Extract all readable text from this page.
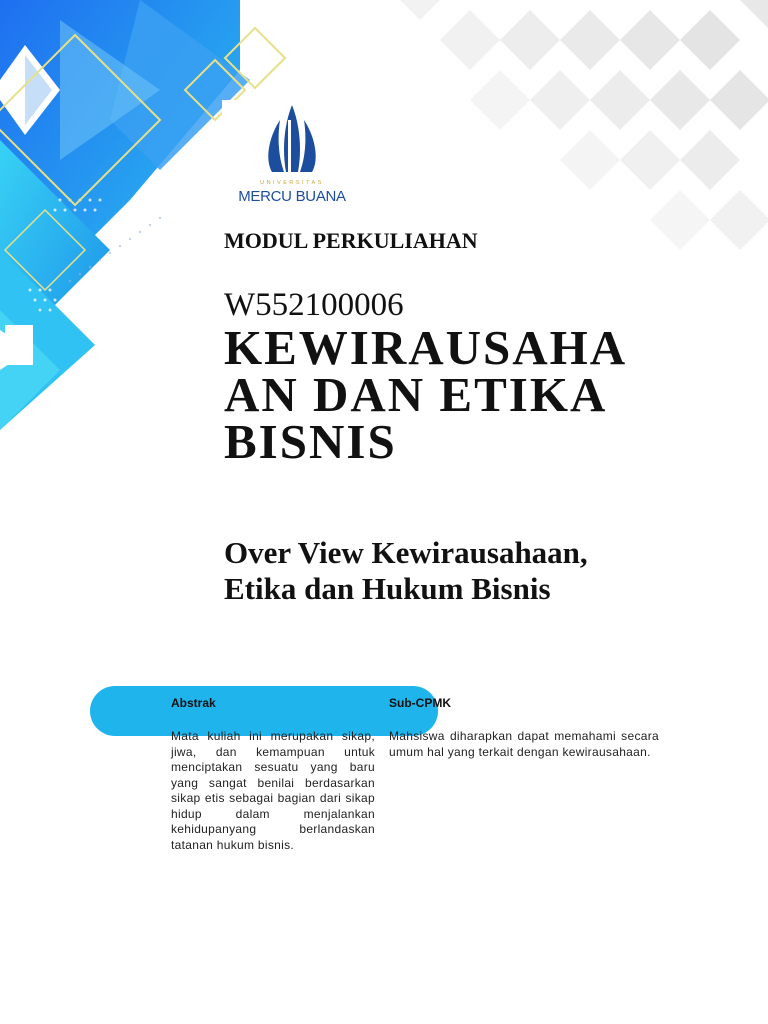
UNIVERSITAS
MERCU BUANA
MODUL PERKULIAHAN
W552100006
KEWIRAUSAHA
AN DAN ETIKA
BISNIS
Over View Kewirausahaan,
Etika dan Hukum Bisnis
Abstrak	Sub-CPMK
Mata kuliah ini merupakan sikap, jiwa, dan kemampuan untuk menciptakan sesuatu yang baru yang sangat benilai berdasarkan sikap etis sebagai bagian dari sikap hidup dalam menjalankan kehidupanyang berlandaskan tatanan hukum bisnis.
Mahsiswa diharapkan dapat memahami secara umum hal yang terkait dengan kewirausahaan.
